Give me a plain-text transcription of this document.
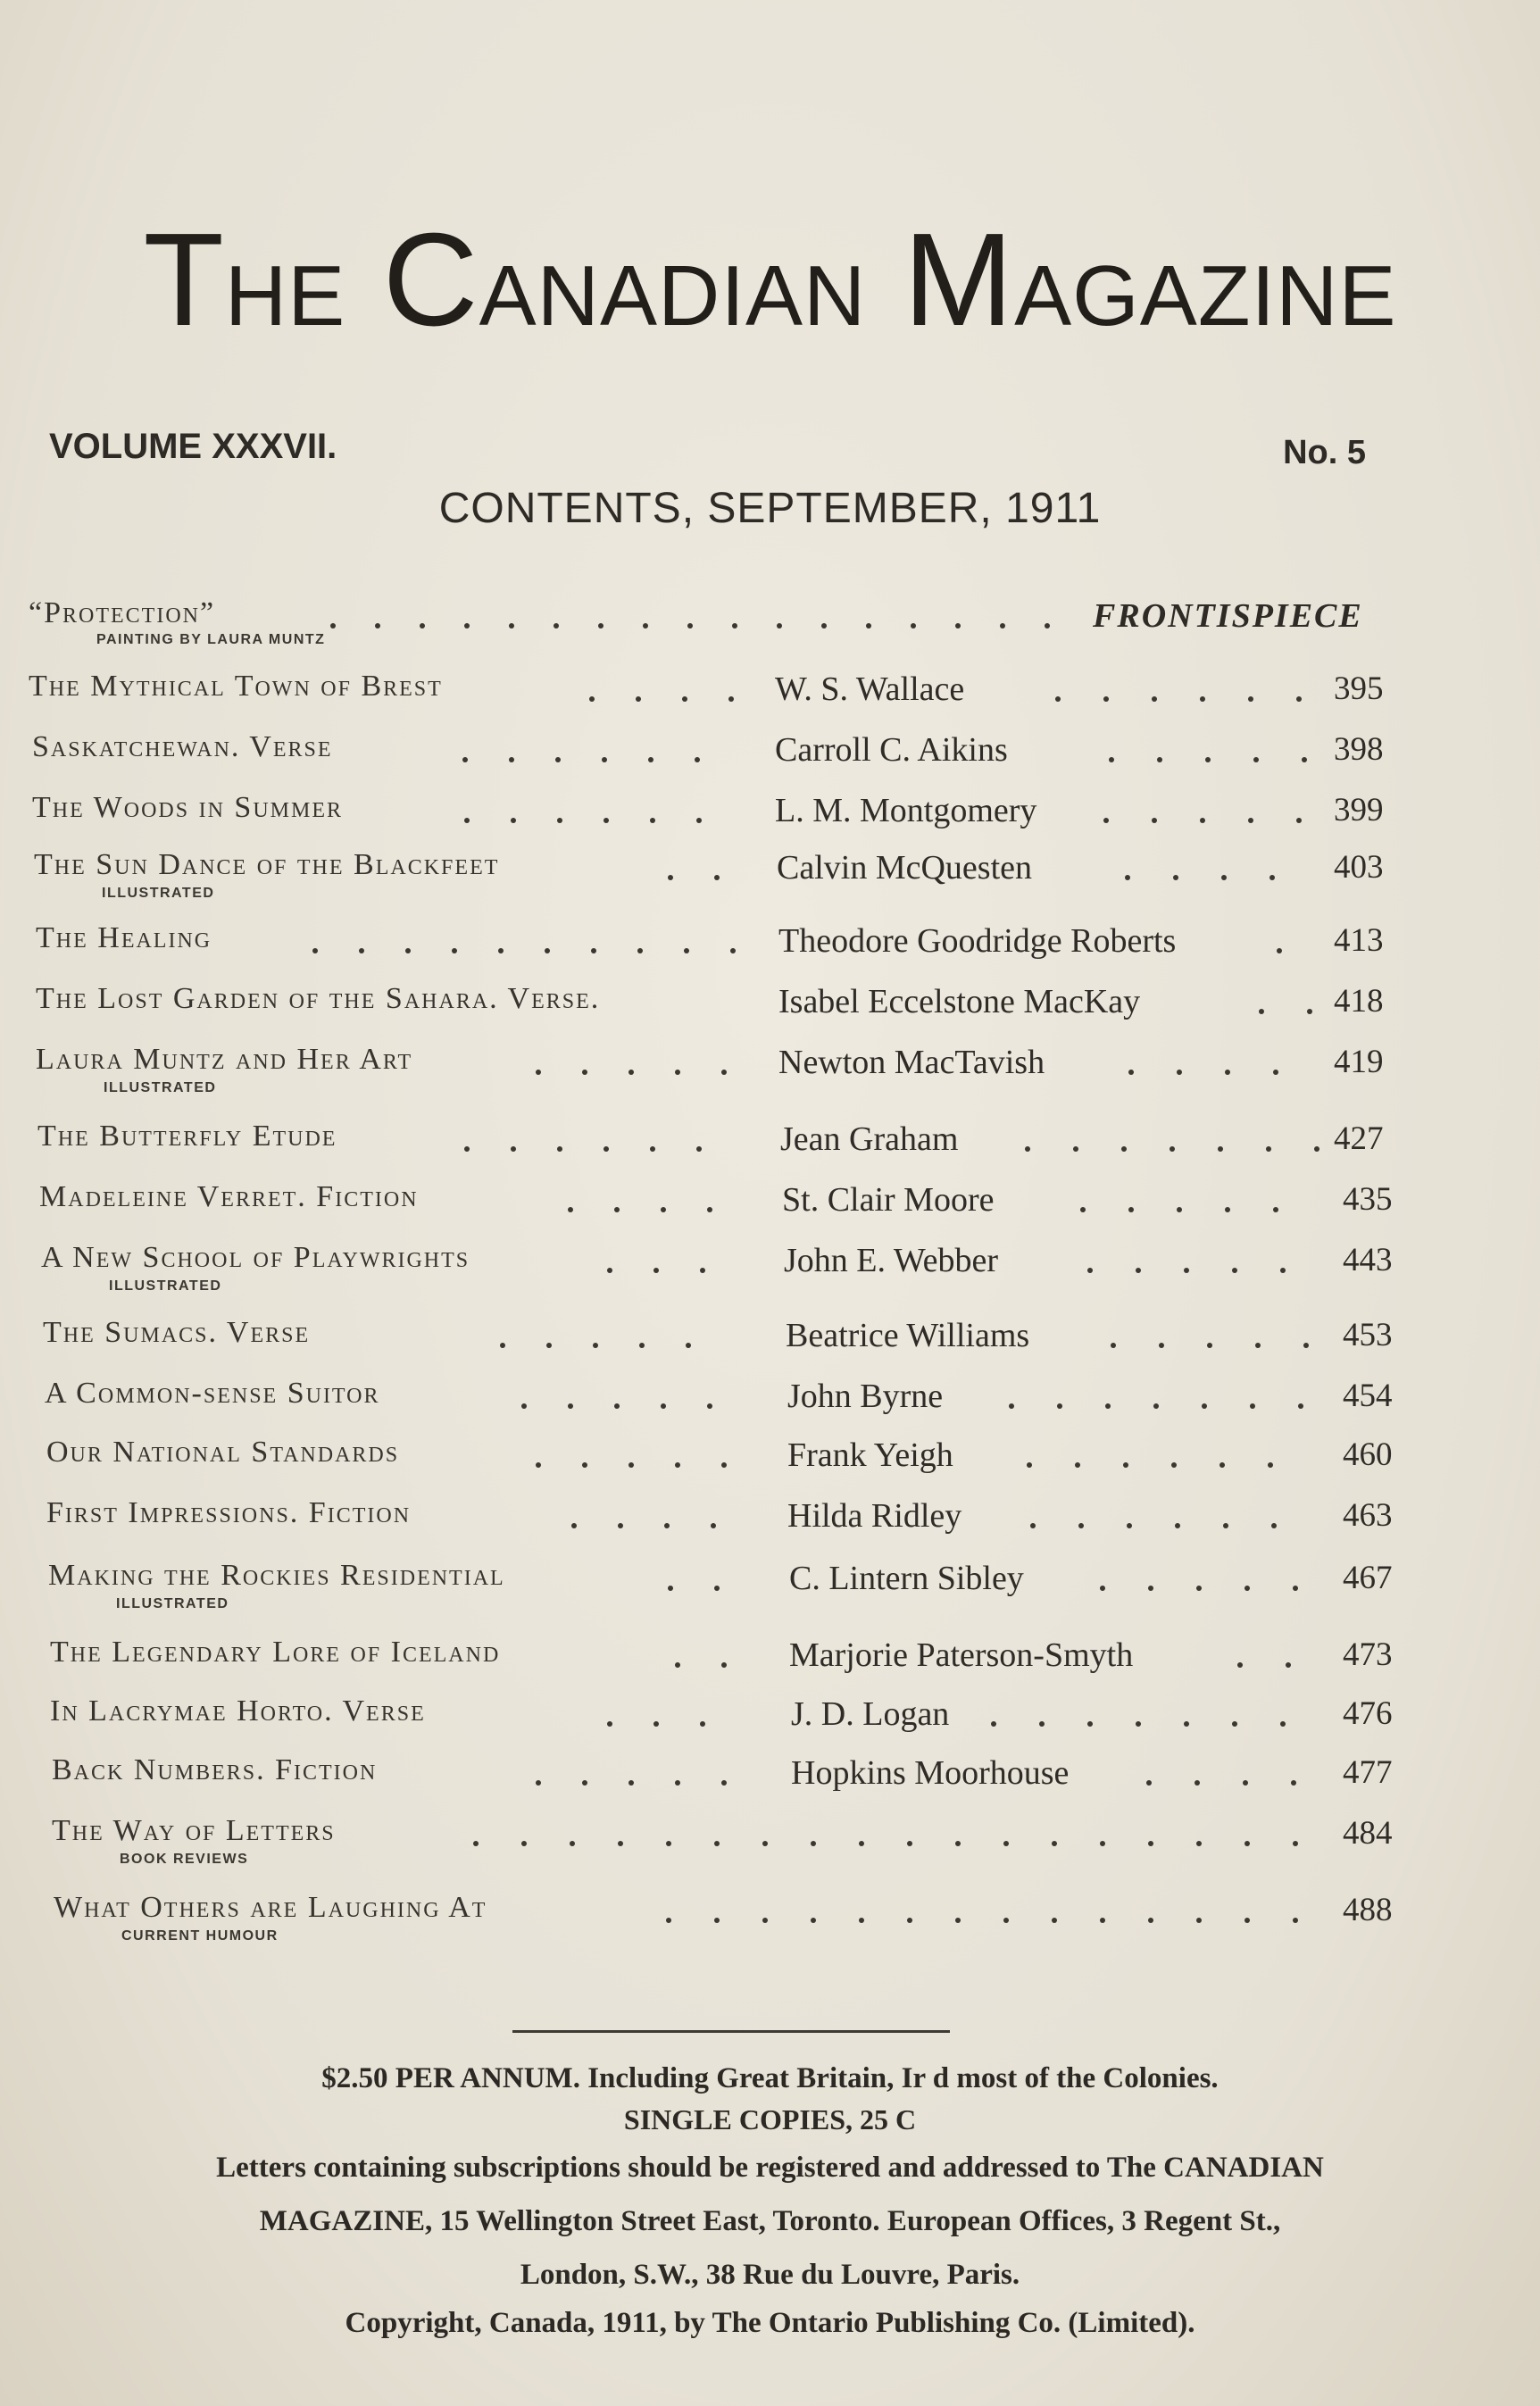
THE CANADIAN MAGAZINE
VOLUME XXXVII.	No. 5
CONTENTS, SEPTEMBER, 1911
“Protection”
PAINTING BY LAURA MUNTZ
FRONTISPIECE
The Mythical Town of Brest	W. S. Wallace	395
Saskatchewan. Verse	Carroll C. Aikins	398
The Woods in Summer	L. M. Montgomery	399
The Sun Dance of the Blackfeet
ILLUSTRATED
Calvin McQuesten	403
The Healing	Theodore Goodridge Roberts	413
The Lost Garden of the Sahara. Verse.	Isabel Eccelstone MacKay	418
Laura Muntz and Her Art
ILLUSTRATED
Newton MacTavish	419
The Butterfly Etude	Jean Graham	427
Madeleine Verret. Fiction	St. Clair Moore	435
A New School of Playwrights
ILLUSTRATED
John E. Webber	443
The Sumacs. Verse	Beatrice Williams	453
A Common-sense Suitor	John Byrne	454
Our National Standards	Frank Yeigh	460
First Impressions. Fiction	Hilda Ridley	463
Making the Rockies Residential
ILLUSTRATED
C. Lintern Sibley	467
The Legendary Lore of Iceland	Marjorie Paterson-Smyth	473
In Lacrymae Horto. Verse	J. D. Logan	476
Back Numbers. Fiction	Hopkins Moorhouse	477
The Way of Letters
BOOK REVIEWS
484
What Others are Laughing At
CURRENT HUMOUR
488
$2.50 PER ANNUM. Including Great Britain, Ir d most of the Colonies.
SINGLE COPIES, 25 C
Letters containing subscriptions should be registered and addressed to The CANADIAN
MAGAZINE, 15 Wellington Street East, Toronto. European Offices, 3 Regent St.,
London, S.W., 38 Rue du Louvre, Paris.
Copyright, Canada, 1911, by The Ontario Publishing Co. (Limited).
